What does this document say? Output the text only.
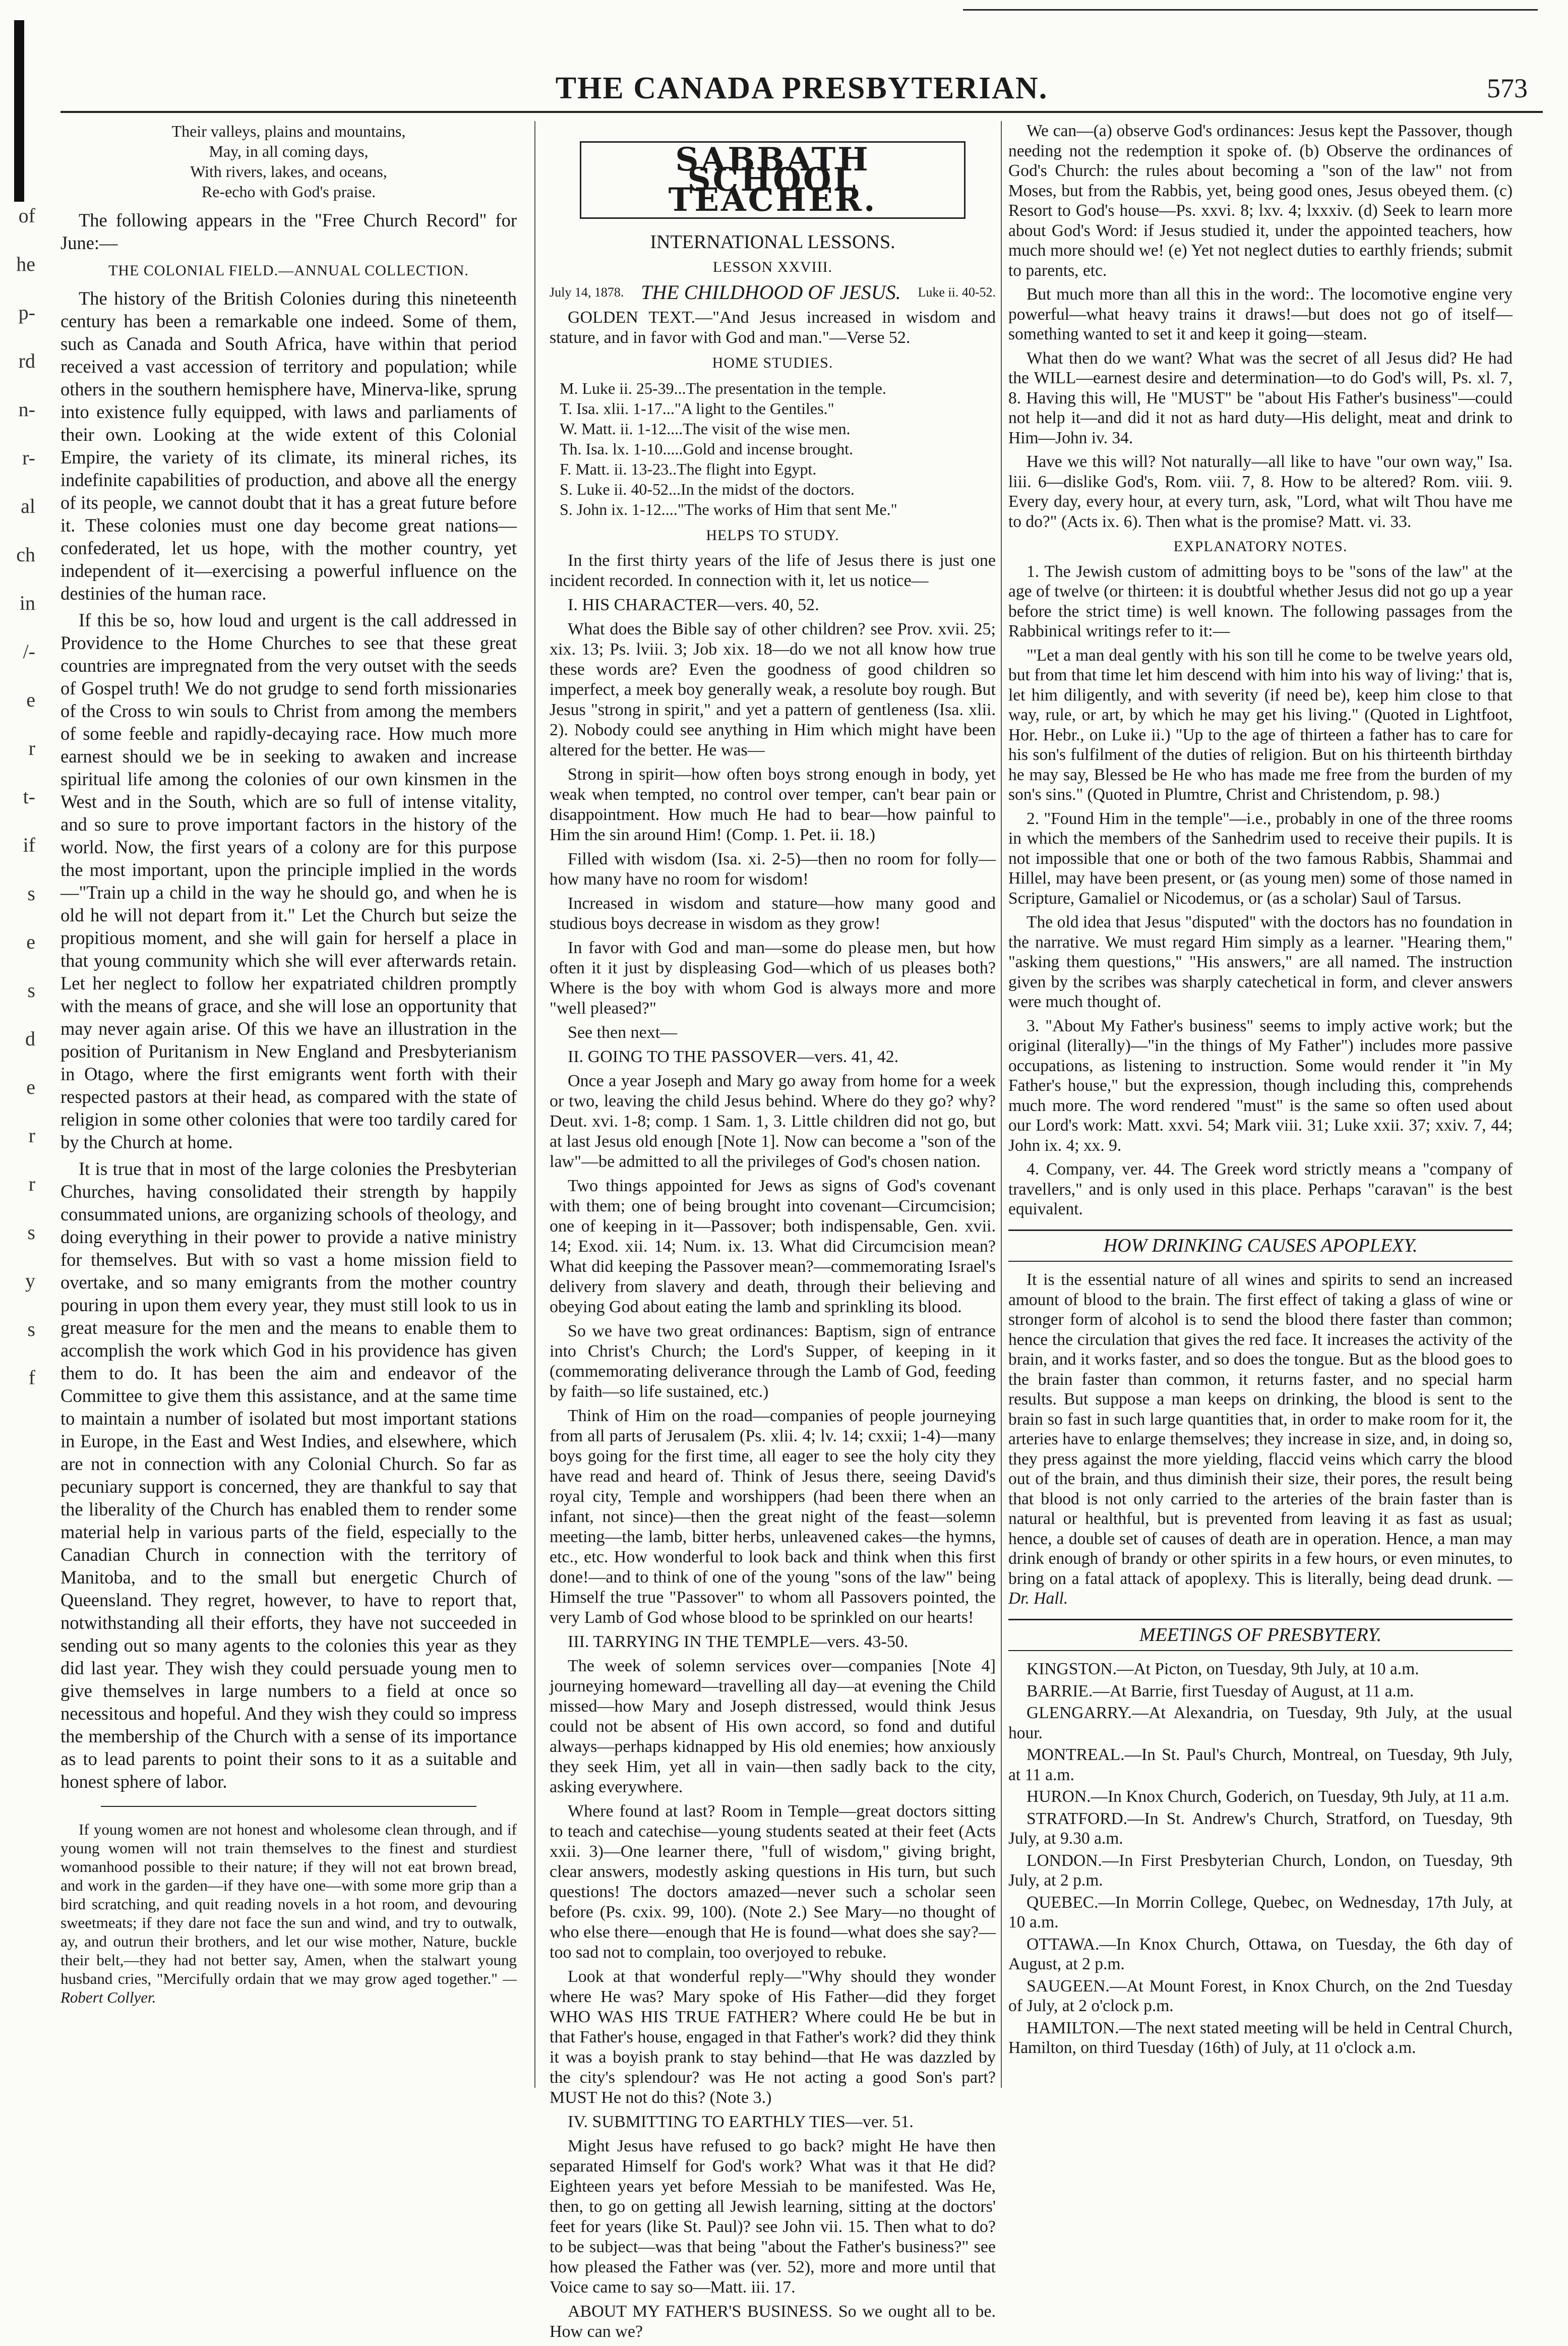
of
he
p-
rd
n-
r-
al
ch
in
/-
e
r
t-
if
s
e
s
d
e
r
r
s
y
s
f
THE CANADA PRESBYTERIAN.	573
Their valleys, plains and mountains,
May, in all coming days,
With rivers, lakes, and oceans,
Re-echo with God's praise.

The following appears in the "Free Church Record" for June:—

THE COLONIAL FIELD.—ANNUAL COLLECTION.

The history of the British Colonies during this nineteenth century has been a remarkable one indeed. Some of them, such as Canada and South Africa, have within that period received a vast accession of territory and population; while others in the southern hemisphere have, Minerva-like, sprung into existence fully equipped, with laws and parliaments of their own. Looking at the wide extent of this Colonial Empire, the variety of its climate, its mineral riches, its indefinite capabilities of production, and above all the energy of its people, we cannot doubt that it has a great future before it. These colonies must one day become great nations—confederated, let us hope, with the mother country, yet independent of it—exercising a powerful influence on the destinies of the human race.

If this be so, how loud and urgent is the call addressed in Providence to the Home Churches to see that these great countries are impregnated from the very outset with the seeds of Gospel truth! We do not grudge to send forth missionaries of the Cross to win souls to Christ from among the members of some feeble and rapidly-decaying race. How much more earnest should we be in seeking to awaken and increase spiritual life among the colonies of our own kinsmen in the West and in the South, which are so full of intense vitality, and so sure to prove important factors in the history of the world. Now, the first years of a colony are for this purpose the most important, upon the principle implied in the words—"Train up a child in the way he should go, and when he is old he will not depart from it." Let the Church but seize the propitious moment, and she will gain for herself a place in that young community which she will ever afterwards retain. Let her neglect to follow her expatriated children promptly with the means of grace, and she will lose an opportunity that may never again arise. Of this we have an illustration in the position of Puritanism in New England and Presbyterianism in Otago, where the first emigrants went forth with their respected pastors at their head, as compared with the state of religion in some other colonies that were too tardily cared for by the Church at home.

It is true that in most of the large colonies the Presbyterian Churches, having consolidated their strength by happily consummated unions, are organizing schools of theology, and doing everything in their power to provide a native ministry for themselves. But with so vast a home mission field to overtake, and so many emigrants from the mother country pouring in upon them every year, they must still look to us in great measure for the men and the means to enable them to accomplish the work which God in his providence has given them to do. It has been the aim and endeavor of the Committee to give them this assistance, and at the same time to maintain a number of isolated but most important stations in Europe, in the East and West Indies, and elsewhere, which are not in connection with any Colonial Church. So far as pecuniary support is concerned, they are thankful to say that the liberality of the Church has enabled them to render some material help in various parts of the field, especially to the Canadian Church in connection with the territory of Manitoba, and to the small but energetic Church of Queensland. They regret, however, to have to report that, notwithstanding all their efforts, they have not succeeded in sending out so many agents to the colonies this year as they did last year. They wish they could persuade young men to give themselves in large numbers to a field at once so necessitous and hopeful. And they wish they could so impress the membership of the Church with a sense of its importance as to lead parents to point their sons to it as a suitable and honest sphere of labor.

If young women are not honest and wholesome clean through, and if young women will not train themselves to the finest and sturdiest womanhood possible to their nature; if they will not eat brown bread, and work in the garden—if they have one—with some more grip than a bird scratching, and quit reading novels in a hot room, and devouring sweetmeats; if they dare not face the sun and wind, and try to outwalk, ay, and outrun their brothers, and let our wise mother, Nature, buckle their belt,—they had not better say, Amen, when the stalwart young husband cries, "Mercifully ordain that we may grow aged together." —Robert Collyer.

SABBATH SCHOOL TEACHER.
INTERNATIONAL LESSONS.
LESSON XXVIII.
July 14, 1878. THE CHILDHOOD OF JESUS. Luke ii. 40-52.

GOLDEN TEXT.—"And Jesus increased in wisdom and stature, and in favor with God and man."—Verse 52.

HOME STUDIES.
M. Luke ii. 25-39...The presentation in the temple.
T. Isa. xlii. 1-17..."A light to the Gentiles."
W. Matt. ii. 1-12....The visit of the wise men.
Th. Isa. lx. 1-10.....Gold and incense brought.
F. Matt. ii. 13-23..The flight into Egypt.
S. Luke ii. 40-52...In the midst of the doctors.
S. John ix. 1-12...."The works of Him that sent Me."
HELPS TO STUDY.

In the first thirty years of the life of Jesus there is just one incident recorded. In connection with it, let us notice—

I. HIS CHARACTER—vers. 40, 52.

What does the Bible say of other children? see Prov. xvii. 25; xix. 13; Ps. lviii. 3; Job xix. 18—do we not all know how true these words are? Even the goodness of good children so imperfect, a meek boy generally weak, a resolute boy rough. But Jesus "strong in spirit," and yet a pattern of gentleness (Isa. xlii. 2). Nobody could see anything in Him which might have been altered for the better. He was—

Strong in spirit—how often boys strong enough in body, yet weak when tempted, no control over temper, can't bear pain or disappointment. How much He had to bear—how painful to Him the sin around Him! (Comp. 1. Pet. ii. 18.)

Filled with wisdom (Isa. xi. 2-5)—then no room for folly—how many have no room for wisdom!

Increased in wisdom and stature—how many good and studious boys decrease in wisdom as they grow!

In favor with God and man—some do please men, but how often it it just by displeasing God—which of us pleases both? Where is the boy with whom God is always more and more "well pleased?"

See then next—

II. GOING TO THE PASSOVER—vers. 41, 42.

Once a year Joseph and Mary go away from home for a week or two, leaving the child Jesus behind. Where do they go? why? Deut. xvi. 1-8; comp. 1 Sam. 1, 3. Little children did not go, but at last Jesus old enough [Note 1]. Now can become a "son of the law"—be admitted to all the privileges of God's chosen nation.

Two things appointed for Jews as signs of God's covenant with them; one of being brought into covenant—Circumcision; one of keeping in it—Passover; both indispensable, Gen. xvii. 14; Exod. xii. 14; Num. ix. 13. What did Circumcision mean? What did keeping the Passover mean?—commemorating Israel's delivery from slavery and death, through their believing and obeying God about eating the lamb and sprinkling its blood.

So we have two great ordinances: Baptism, sign of entrance into Christ's Church; the Lord's Supper, of keeping in it (commemorating deliverance through the Lamb of God, feeding by faith—so life sustained, etc.)

Think of Him on the road—companies of people journeying from all parts of Jerusalem (Ps. xlii. 4; lv. 14; cxxii; 1-4)—many boys going for the first time, all eager to see the holy city they have read and heard of. Think of Jesus there, seeing David's royal city, Temple and worshippers (had been there when an infant, not since)—then the great night of the feast—solemn meeting—the lamb, bitter herbs, unleavened cakes—the hymns, etc., etc. How wonderful to look back and think when this first done!—and to think of one of the young "sons of the law" being Himself the true "Passover" to whom all Passovers pointed, the very Lamb of God whose blood to be sprinkled on our hearts!

III. TARRYING IN THE TEMPLE—vers. 43-50.

The week of solemn services over—companies [Note 4] journeying homeward—travelling all day—at evening the Child missed—how Mary and Joseph distressed, would think Jesus could not be absent of His own accord, so fond and dutiful always—perhaps kidnapped by His old enemies; how anxiously they seek Him, yet all in vain—then sadly back to the city, asking everywhere.

Where found at last? Room in Temple—great doctors sitting to teach and catechise—young students seated at their feet (Acts xxii. 3)—One learner there, "full of wisdom," giving bright, clear answers, modestly asking questions in His turn, but such questions! The doctors amazed—never such a scholar seen before (Ps. cxix. 99, 100). (Note 2.) See Mary—no thought of who else there—enough that He is found—what does she say?—too sad not to complain, too overjoyed to rebuke.

Look at that wonderful reply—"Why should they wonder where He was? Mary spoke of His Father—did they forget WHO WAS HIS TRUE FATHER? Where could He be but in that Father's house, engaged in that Father's work? did they think it was a boyish prank to stay behind—that He was dazzled by the city's splendour? was He not acting a good Son's part? MUST He not do this? (Note 3.)

IV. SUBMITTING TO EARTHLY TIES—ver. 51.

Might Jesus have refused to go back? might He have then separated Himself for God's work? What was it that He did? Eighteen years yet before Messiah to be manifested. Was He, then, to go on getting all Jewish learning, sitting at the doctors' feet for years (like St. Paul)? see John vii. 15. Then what to do? to be subject—was that being "about the Father's business?" see how pleased the Father was (ver. 52), more and more until that Voice came to say so—Matt. iii. 17.

ABOUT MY FATHER'S BUSINESS. So we ought all to be. How can we?

We can—(a) observe God's ordinances: Jesus kept the Passover, though needing not the redemption it spoke of. (b) Observe the ordinances of God's Church: the rules about becoming a "son of the law" not from Moses, but from the Rabbis, yet, being good ones, Jesus obeyed them. (c) Resort to God's house—Ps. xxvi. 8; lxv. 4; lxxxiv. (d) Seek to learn more about God's Word: if Jesus studied it, under the appointed teachers, how much more should we! (e) Yet not neglect duties to earthly friends; submit to parents, etc.

But much more than all this in the word:. The locomotive engine very powerful—what heavy trains it draws!—but does not go of itself—something wanted to set it and keep it going—steam.

What then do we want? What was the secret of all Jesus did? He had the WILL—earnest desire and determination—to do God's will, Ps. xl. 7, 8. Having this will, He "MUST" be "about His Father's business"—could not help it—and did it not as hard duty—His delight, meat and drink to Him—John iv. 34.

Have we this will? Not naturally—all like to have "our own way," Isa. liii. 6—dislike God's, Rom. viii. 7, 8. How to be altered? Rom. viii. 9. Every day, every hour, at every turn, ask, "Lord, what wilt Thou have me to do?" (Acts ix. 6). Then what is the promise? Matt. vi. 33.

EXPLANATORY NOTES.

1. The Jewish custom of admitting boys to be "sons of the law" at the age of twelve (or thirteen: it is doubtful whether Jesus did not go up a year before the strict time) is well known. The following passages from the Rabbinical writings refer to it:—

"'Let a man deal gently with his son till he come to be twelve years old, but from that time let him descend with him into his way of living:' that is, let him diligently, and with severity (if need be), keep him close to that way, rule, or art, by which he may get his living." (Quoted in Lightfoot, Hor. Hebr., on Luke ii.) "Up to the age of thirteen a father has to care for his son's fulfilment of the duties of religion. But on his thirteenth birthday he may say, Blessed be He who has made me free from the burden of my son's sins." (Quoted in Plumtre, Christ and Christendom, p. 98.)

2. "Found Him in the temple"—i.e., probably in one of the three rooms in which the members of the Sanhedrim used to receive their pupils. It is not impossible that one or both of the two famous Rabbis, Shammai and Hillel, may have been present, or (as young men) some of those named in Scripture, Gamaliel or Nicodemus, or (as a scholar) Saul of Tarsus.

The old idea that Jesus "disputed" with the doctors has no foundation in the narrative. We must regard Him simply as a learner. "Hearing them," "asking them questions," "His answers," are all named. The instruction given by the scribes was sharply catechetical in form, and clever answers were much thought of.

3. "About My Father's business" seems to imply active work; but the original (literally)—"in the things of My Father") includes more passive occupations, as listening to instruction. Some would render it "in My Father's house," but the expression, though including this, comprehends much more. The word rendered "must" is the same so often used about our Lord's work: Matt. xxvi. 54; Mark viii. 31; Luke xxii. 37; xxiv. 7, 44; John ix. 4; xx. 9.

4. Company, ver. 44. The Greek word strictly means a "company of travellers," and is only used in this place. Perhaps "caravan" is the best equivalent.

HOW DRINKING CAUSES APOPLEXY.

It is the essential nature of all wines and spirits to send an increased amount of blood to the brain. The first effect of taking a glass of wine or stronger form of alcohol is to send the blood there faster than common; hence the circulation that gives the red face. It increases the activity of the brain, and it works faster, and so does the tongue. But as the blood goes to the brain faster than common, it returns faster, and no special harm results. But suppose a man keeps on drinking, the blood is sent to the brain so fast in such large quantities that, in order to make room for it, the arteries have to enlarge themselves; they increase in size, and, in doing so, they press against the more yielding, flaccid veins which carry the blood out of the brain, and thus diminish their size, their pores, the result being that blood is not only carried to the arteries of the brain faster than is natural or healthful, but is prevented from leaving it as fast as usual; hence, a double set of causes of death are in operation. Hence, a man may drink enough of brandy or other spirits in a few hours, or even minutes, to bring on a fatal attack of apoplexy. This is literally, being dead drunk. —Dr. Hall.

MEETINGS OF PRESBYTERY.
KINGSTON.—At Picton, on Tuesday, 9th July, at 10 a.m.
BARRIE.—At Barrie, first Tuesday of August, at 11 a.m.
GLENGARRY.—At Alexandria, on Tuesday, 9th July, at the usual hour.
MONTREAL.—In St. Paul's Church, Montreal, on Tuesday, 9th July, at 11 a.m.
HURON.—In Knox Church, Goderich, on Tuesday, 9th July, at 11 a.m.
STRATFORD.—In St. Andrew's Church, Stratford, on Tuesday, 9th July, at 9.30 a.m.
LONDON.—In First Presbyterian Church, London, on Tuesday, 9th July, at 2 p.m.
QUEBEC.—In Morrin College, Quebec, on Wednesday, 17th July, at 10 a.m.
OTTAWA.—In Knox Church, Ottawa, on Tuesday, the 6th day of August, at 2 p.m.
SAUGEEN.—At Mount Forest, in Knox Church, on the 2nd Tuesday of July, at 2 o'clock p.m.
HAMILTON.—The next stated meeting will be held in Central Church, Hamilton, on third Tuesday (16th) of July, at 11 o'clock a.m.
